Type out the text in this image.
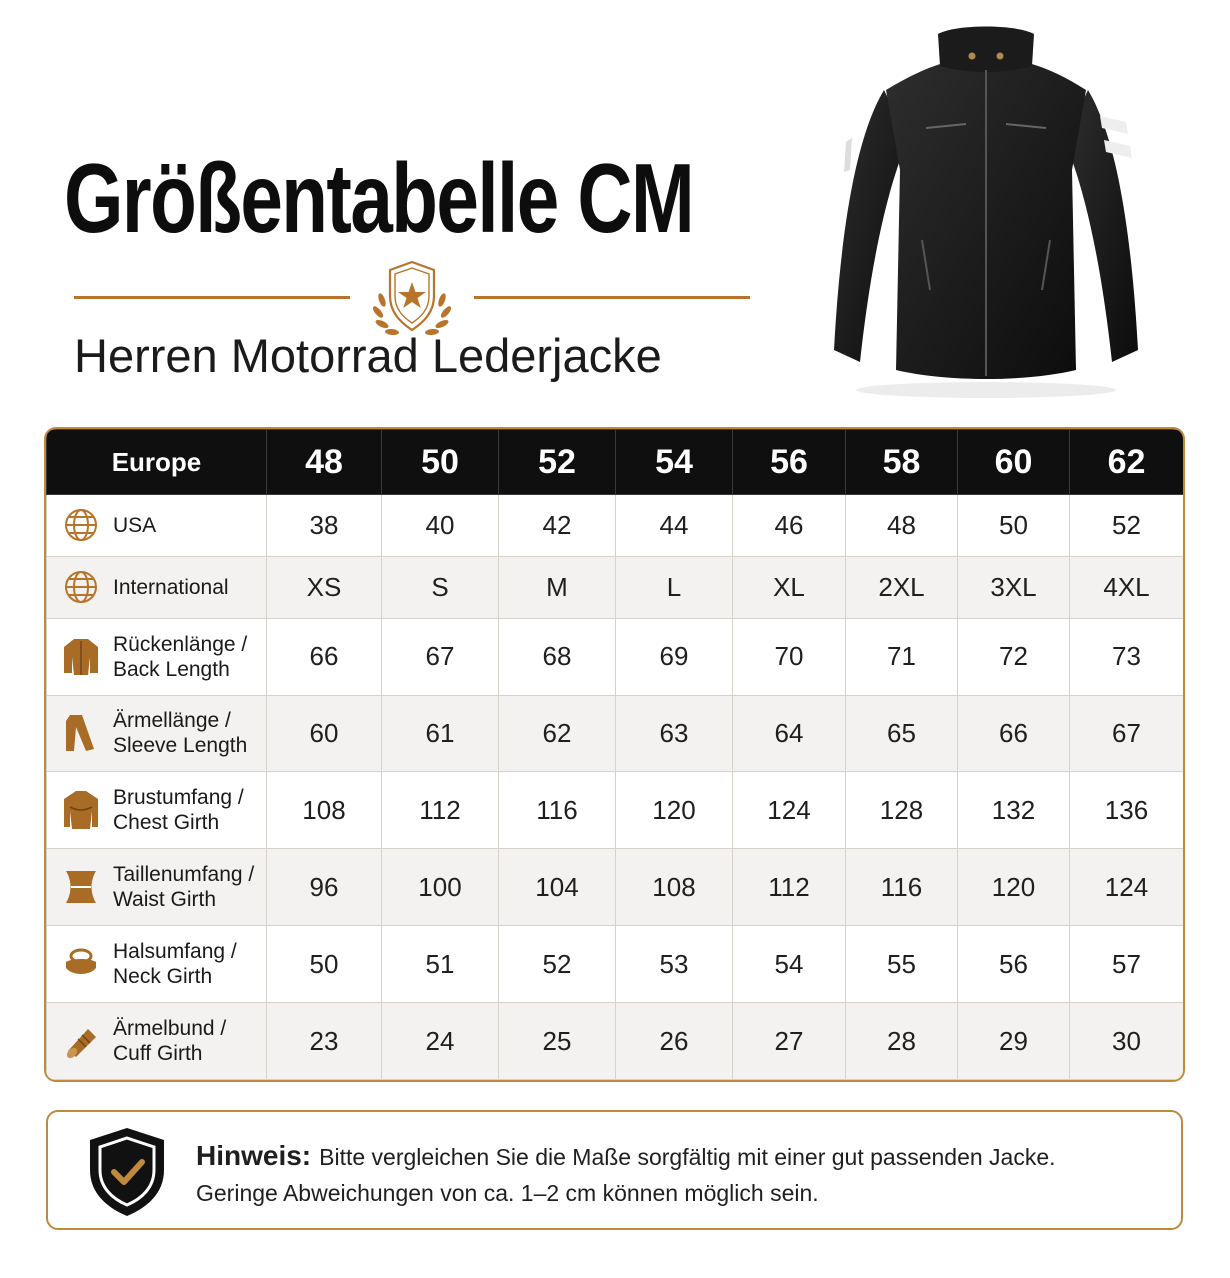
Größentabelle CM
Herren Motorrad Lederjacke
Europe	48	50	52	54	56	58	60	62

USA	38	40	42	44	46	48	50	52

International	XS	S	M	L	XL	2XL	3XL	4XL

Rückenlänge /
Back Length	66	67	68	69	70	71	72	73

Ärmellänge /
Sleeve Length	60	61	62	63	64	65	66	67

Brustumfang /
Chest Girth	108	112	116	120	124	128	132	136

Taillenumfang /
Waist Girth	96	100	104	108	112	116	120	124

Halsumfang /
Neck Girth	50	51	52	53	54	55	56	57

Ärmelbund /
Cuff Girth	23	24	25	26	27	28	29	30
Hinweis: Bitte vergleichen Sie die Maße sorgfältig mit einer gut passenden Jacke.
Geringe Abweichungen von ca. 1–2 cm können möglich sein.
